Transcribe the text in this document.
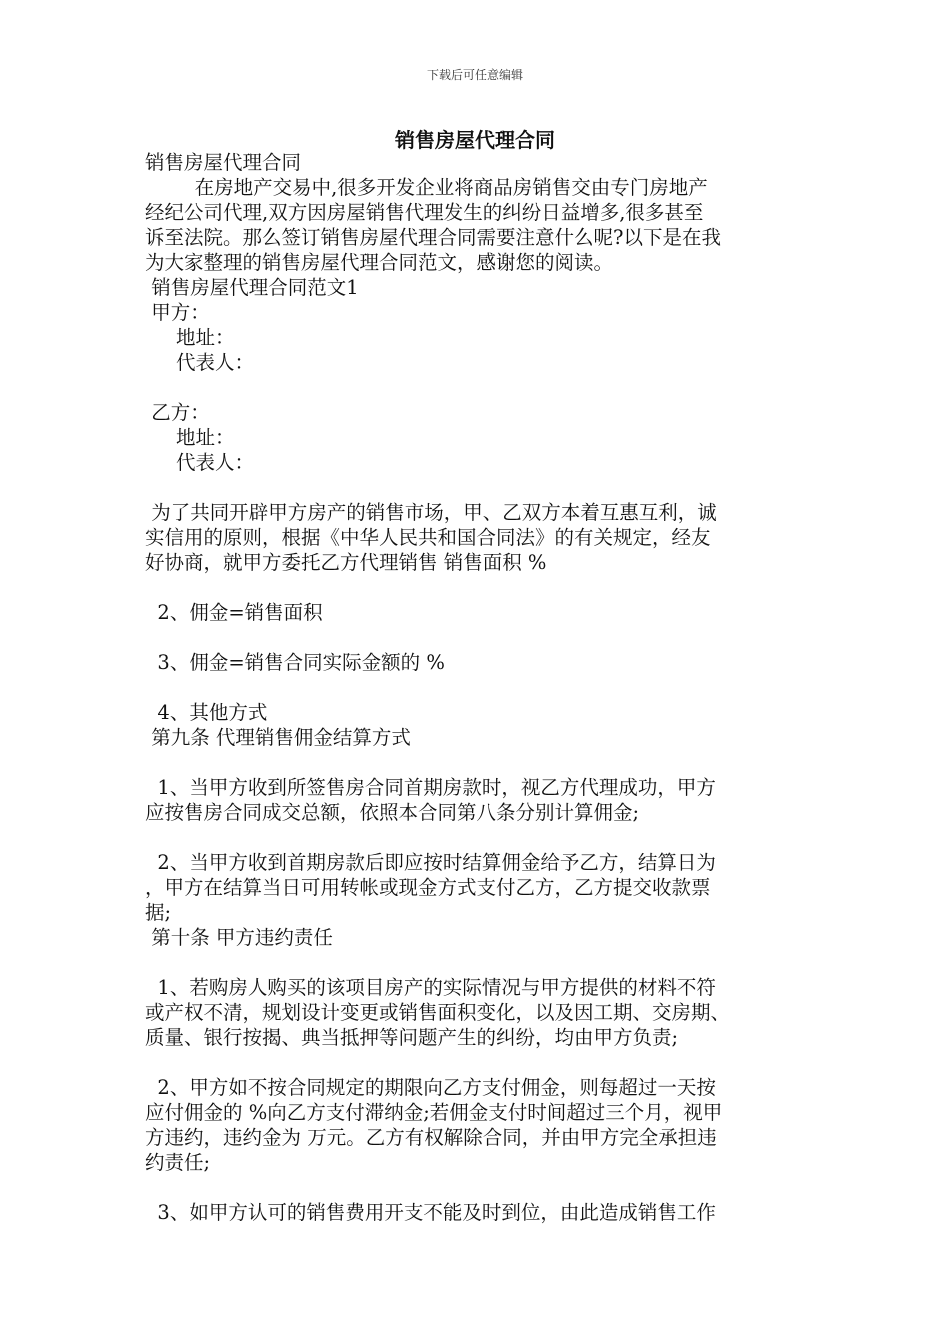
下载后可任意编辑
销售房屋代理合同

销售房屋代理合同

在房地产交易中,很多开发企业将商品房销售交由专门房地产

经纪公司代理,双方因房屋销售代理发生的纠纷日益增多,很多甚至

诉至法院。那么签订销售房屋代理合同需要注意什么呢?以下是在我

为大家整理的销售房屋代理合同范文，感谢您的阅读。

销售房屋代理合同范文1

甲方：

地址：

代表人：

乙方：

地址：

代表人：

为了共同开辟甲方房产的销售市场，甲、乙双方本着互惠互利，诚

实信用的原则，根据《中华人民共和国合同法》的有关规定，经友

好协商，就甲方委托乙方代理销售 销售面积 %

2、佣金=销售面积

3、佣金=销售合同实际金额的 %

4、其他方式

第九条 代理销售佣金结算方式

1、当甲方收到所签售房合同首期房款时，视乙方代理成功，甲方

应按售房合同成交总额，依照本合同第八条分别计算佣金;

2、当甲方收到首期房款后即应按时结算佣金给予乙方，结算日为

，甲方在结算当日可用转帐或现金方式支付乙方，乙方提交收款票

据;

第十条 甲方违约责任

1、若购房人购买的该项目房产的实际情况与甲方提供的材料不符

或产权不清，规划设计变更或销售面积变化，以及因工期、交房期、

质量、银行按揭、典当抵押等问题产生的纠纷，均由甲方负责;

2、甲方如不按合同规定的期限向乙方支付佣金，则每超过一天按

应付佣金的 %向乙方支付滞纳金;若佣金支付时间超过三个月，视甲

方违约，违约金为 万元。乙方有权解除合同，并由甲方完全承担违

约责任;

3、如甲方认可的销售费用开支不能及时到位，由此造成销售工作
